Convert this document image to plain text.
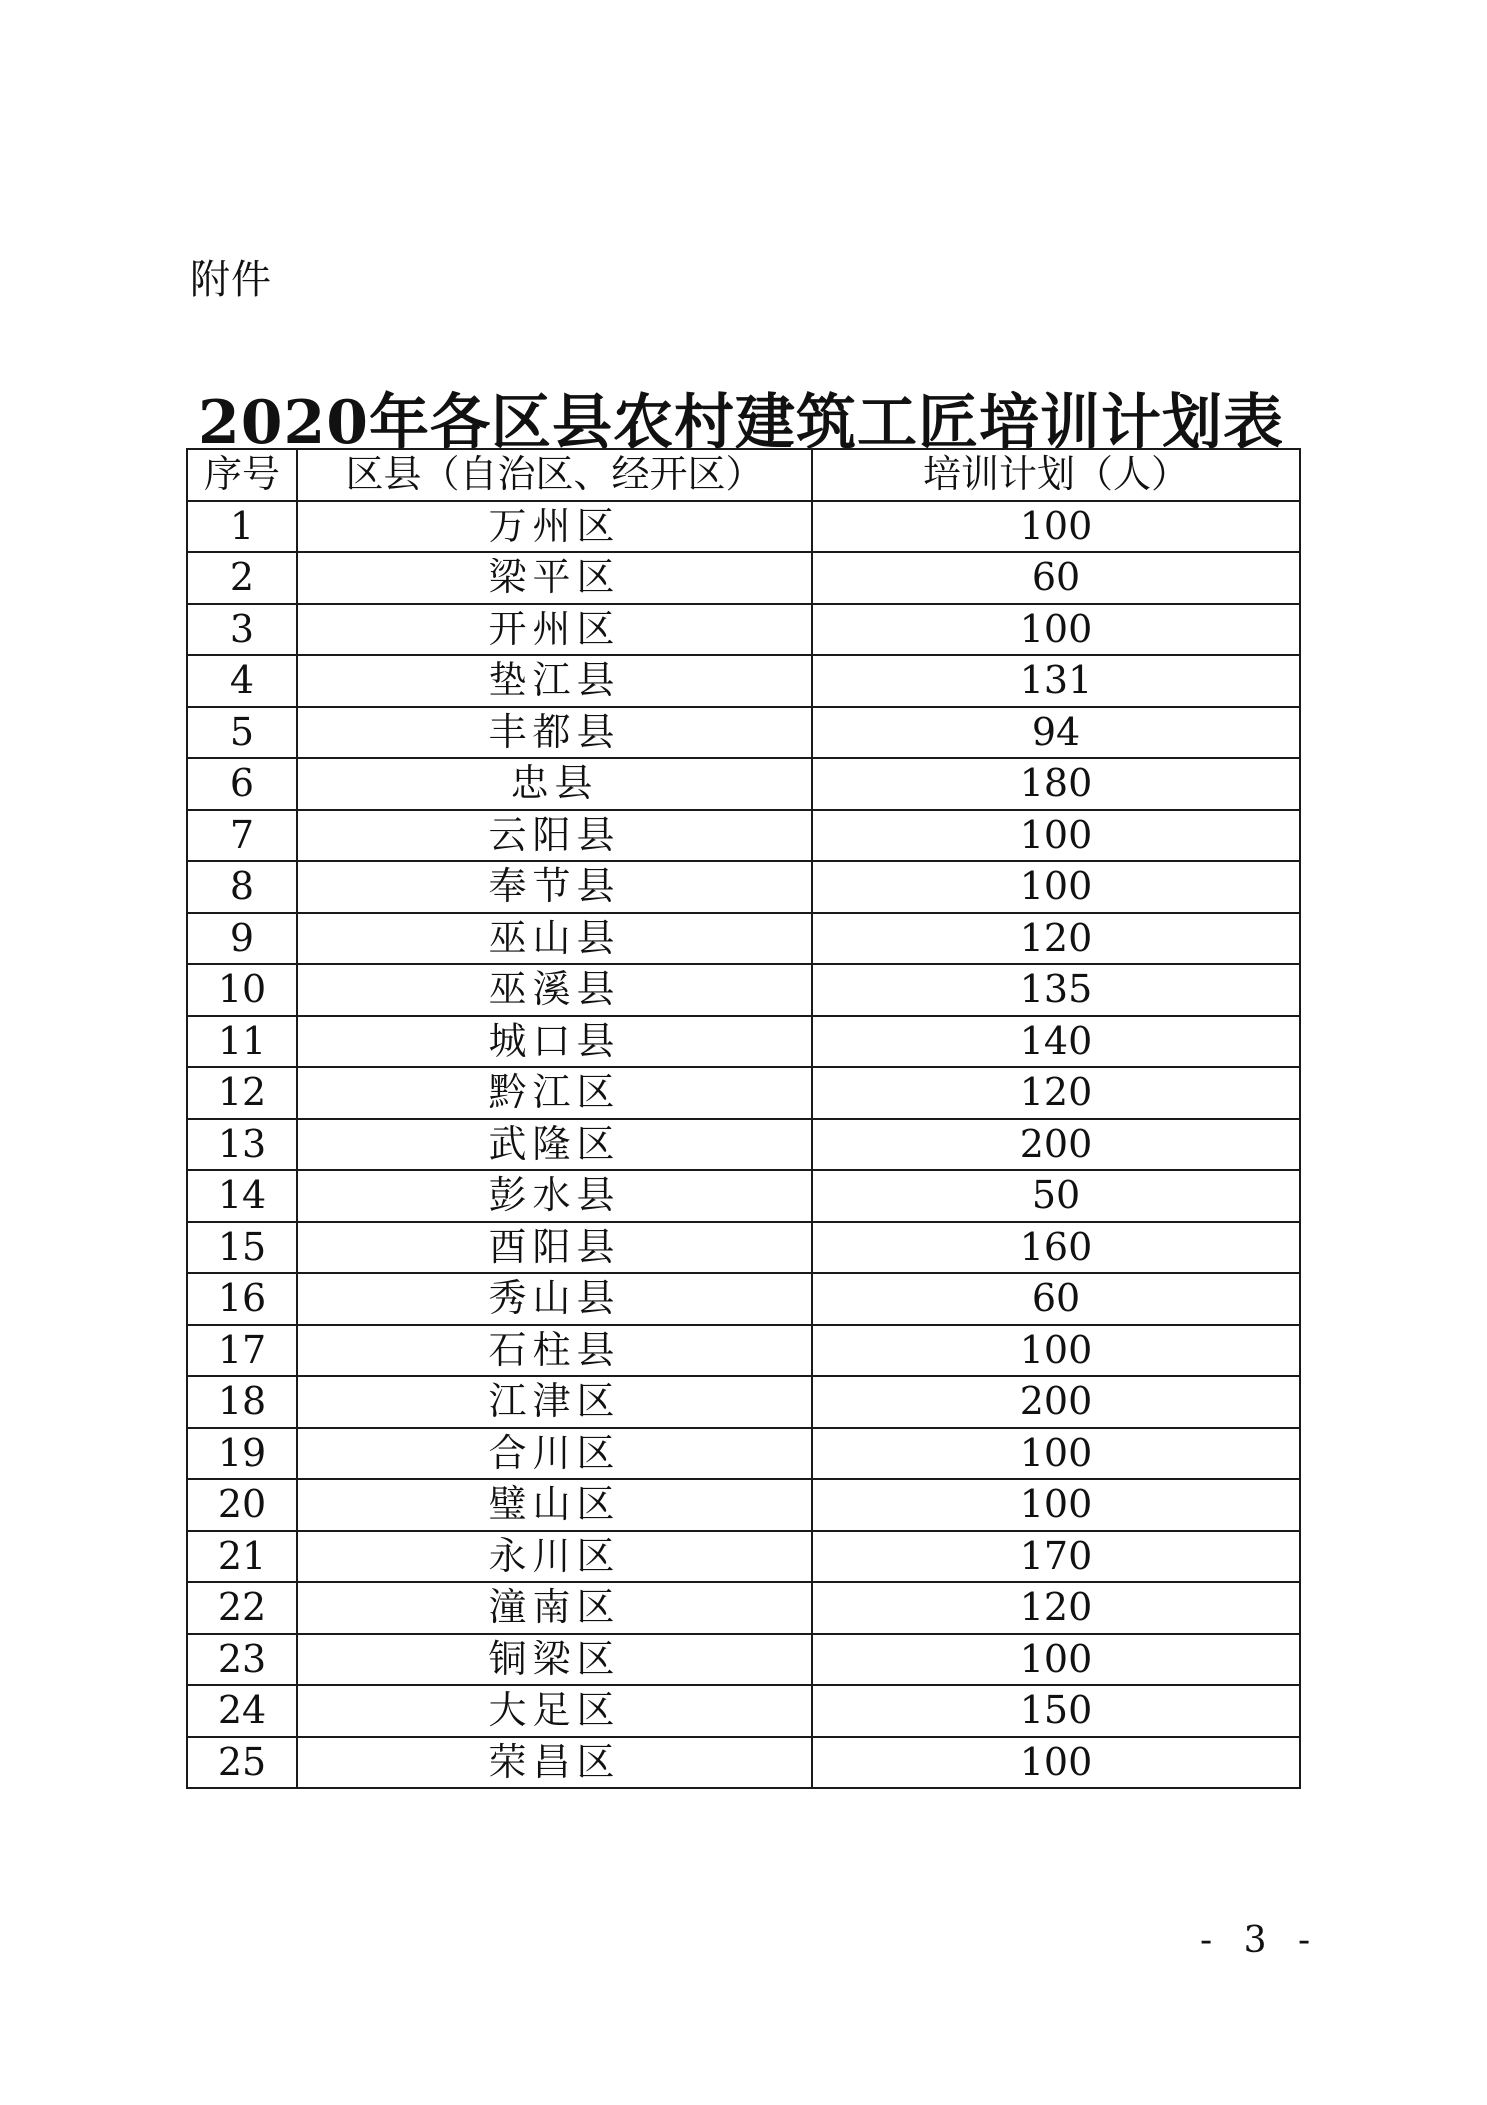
附件
2020年各区县农村建筑工匠培训计划表
序号	区县（自治区、经开区）	培训计划（人）
1	万州区	100
2	梁平区	60
3	开州区	100
4	垫江县	131
5	丰都县	94
6	忠县	180
7	云阳县	100
8	奉节县	100
9	巫山县	120
10	巫溪县	135
11	城口县	140
12	黔江区	120
13	武隆区	200
14	彭水县	50
15	酉阳县	160
16	秀山县	60
17	石柱县	100
18	江津区	200
19	合川区	100
20	璧山区	100
21	永川区	170
22	潼南区	120
23	铜梁区	100
24	大足区	150
25	荣昌区	100
- 3 -
